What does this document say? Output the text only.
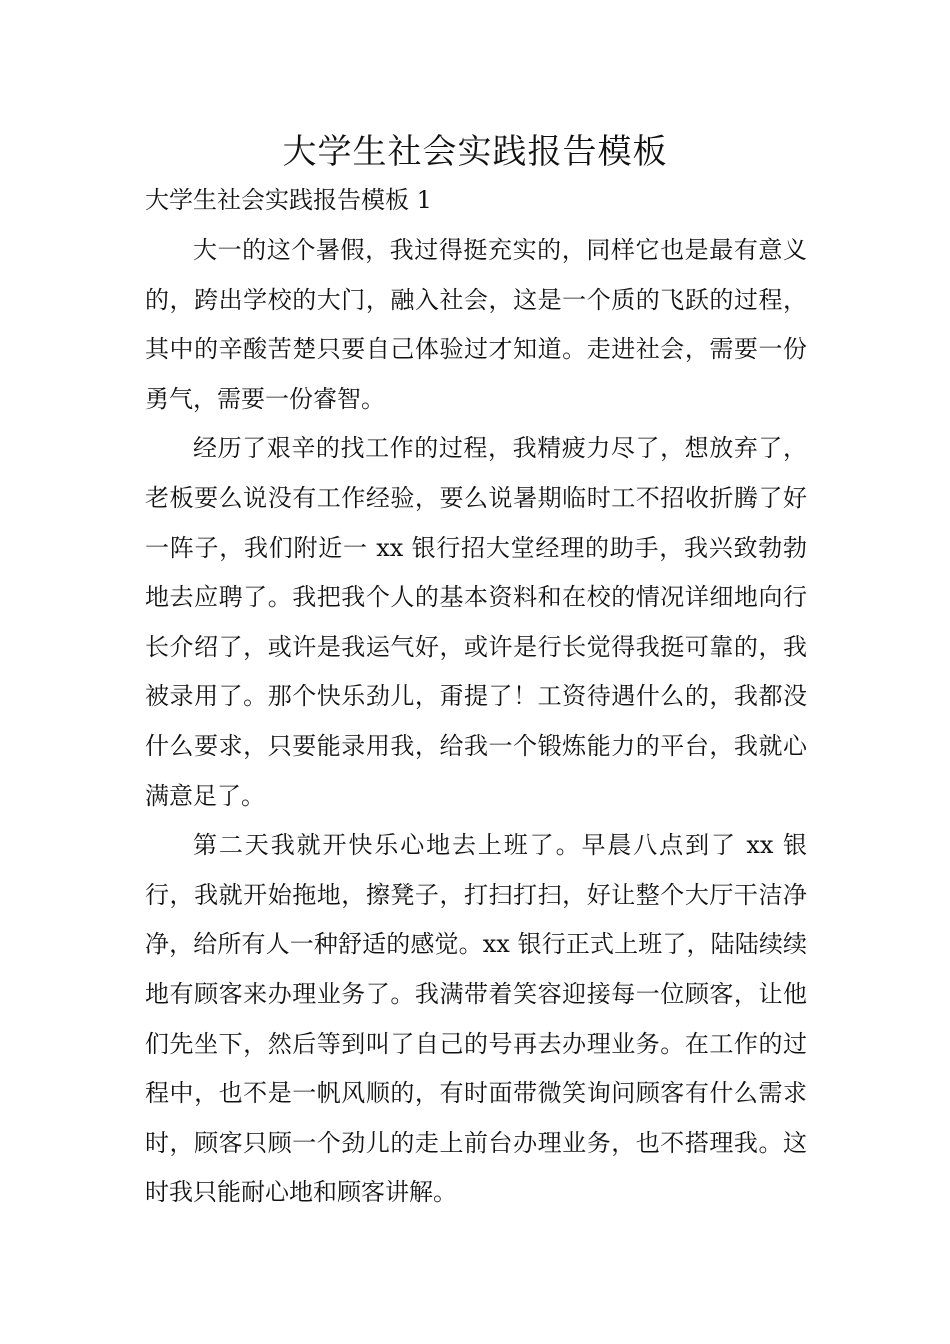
大学生社会实践报告模板

大学生社会实践报告模板 1

大一的这个暑假，我过得挺充实的，同样它也是最有意义的，跨出学校的大门，融入社会，这是一个质的飞跃的过程，其中的辛酸苦楚只要自己体验过才知道。走进社会，需要一份勇气，需要一份睿智。

经历了艰辛的找工作的过程，我精疲力尽了，想放弃了，老板要么说没有工作经验，要么说暑期临时工不招收折腾了好一阵子，我们附近一 xx 银行招大堂经理的助手，我兴致勃勃地去应聘了。我把我个人的基本资料和在校的情况详细地向行长介绍了，或许是我运气好，或许是行长觉得我挺可靠的，我被录用了。那个快乐劲儿，甭提了！工资待遇什么的，我都没什么要求，只要能录用我，给我一个锻炼能力的平台，我就心满意足了。

第二天我就开快乐心地去上班了。早晨八点到了 xx 银行，我就开始拖地，擦凳子，打扫打扫，好让整个大厅干洁净净，给所有人一种舒适的感觉。xx 银行正式上班了，陆陆续续地有顾客来办理业务了。我满带着笑容迎接每一位顾客，让他们先坐下，然后等到叫了自己的号再去办理业务。在工作的过程中，也不是一帆风顺的，有时面带微笑询问顾客有什么需求时，顾客只顾一个劲儿的走上前台办理业务，也不搭理我。这时我只能耐心地和顾客讲解。
